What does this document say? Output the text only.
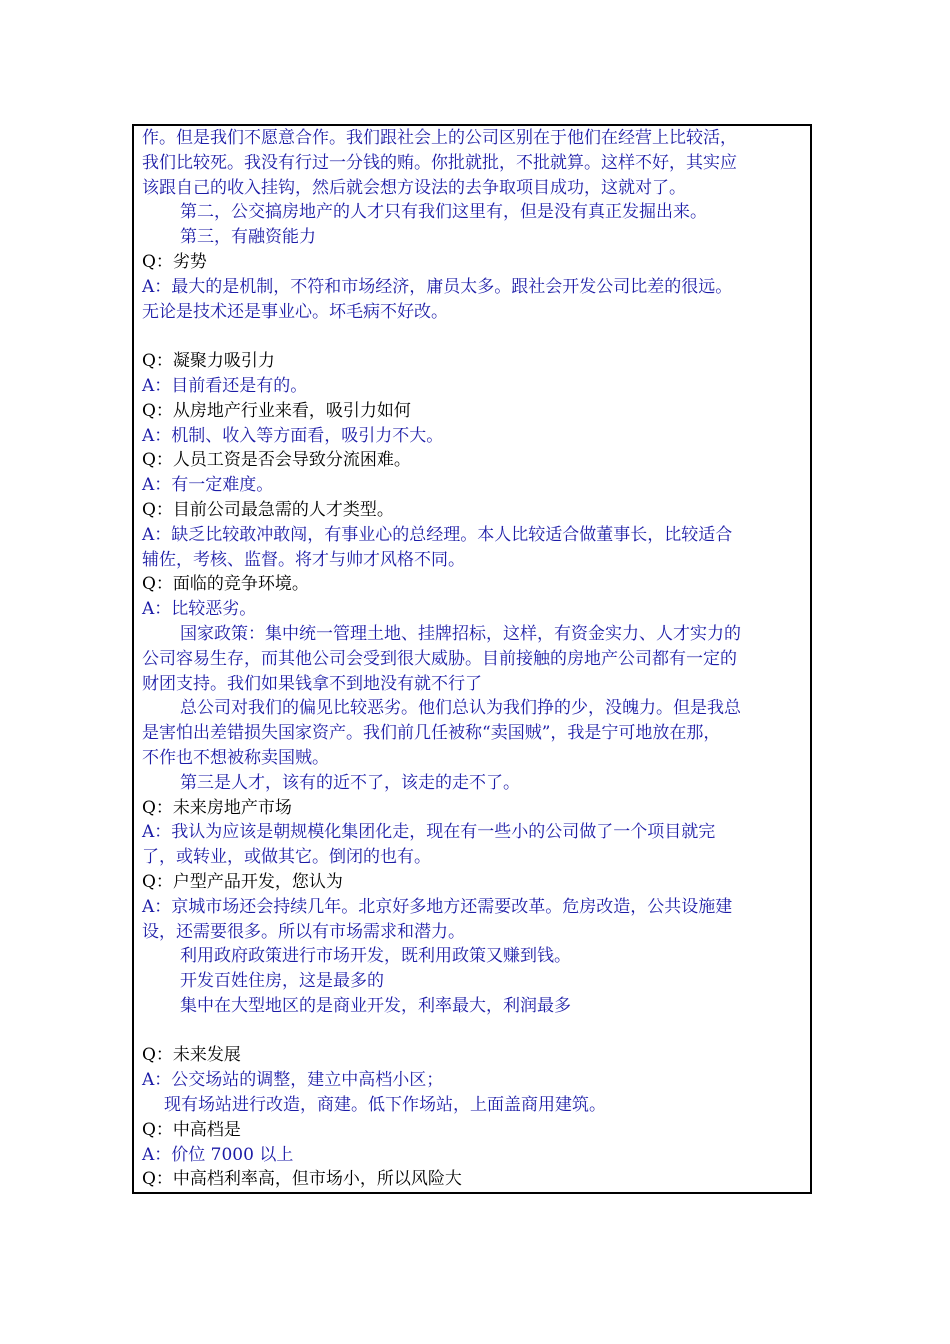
作。但是我们不愿意合作。我们跟社会上的公司区别在于他们在经营上比较活，
我们比较死。我没有行过一分钱的贿。你批就批，不批就算。这样不好，其实应
该跟自己的收入挂钩，然后就会想方设法的去争取项目成功，这就对了。
第二，公交搞房地产的人才只有我们这里有，但是没有真正发掘出来。
第三，有融资能力
Q：劣势
A：最大的是机制，不符和市场经济，庸员太多。跟社会开发公司比差的很远。
无论是技术还是事业心。坏毛病不好改。
Q：凝聚力吸引力
A：目前看还是有的。
Q：从房地产行业来看，吸引力如何
A：机制、收入等方面看，吸引力不大。
Q：人员工资是否会导致分流困难。
A：有一定难度。
Q：目前公司最急需的人才类型。
A：缺乏比较敢冲敢闯，有事业心的总经理。本人比较适合做董事长，比较适合
辅佐，考核、监督。将才与帅才风格不同。
Q：面临的竞争环境。
A：比较恶劣。
国家政策：集中统一管理土地、挂牌招标，这样，有资金实力、人才实力的
公司容易生存，而其他公司会受到很大威胁。目前接触的房地产公司都有一定的
财团支持。我们如果钱拿不到地没有就不行了
总公司对我们的偏见比较恶劣。他们总认为我们挣的少，没魄力。但是我总
是害怕出差错损失国家资产。我们前几任被称“卖国贼”，我是宁可地放在那，
不作也不想被称卖国贼。
第三是人才，该有的近不了，该走的走不了。
Q：未来房地产市场
A：我认为应该是朝规模化集团化走，现在有一些小的公司做了一个项目就完
了，或转业，或做其它。倒闭的也有。
Q：户型产品开发，您认为
A：京城市场还会持续几年。北京好多地方还需要改革。危房改造，公共设施建
设，还需要很多。所以有市场需求和潜力。
利用政府政策进行市场开发，既利用政策又赚到钱。
开发百姓住房，这是最多的
集中在大型地区的是商业开发，利率最大，利润最多
Q：未来发展
A：公交场站的调整，建立中高档小区；
现有场站进行改造，商建。低下作场站，上面盖商用建筑。
Q：中高档是
A：价位 7000 以上
Q：中高档利率高，但市场小，所以风险大
